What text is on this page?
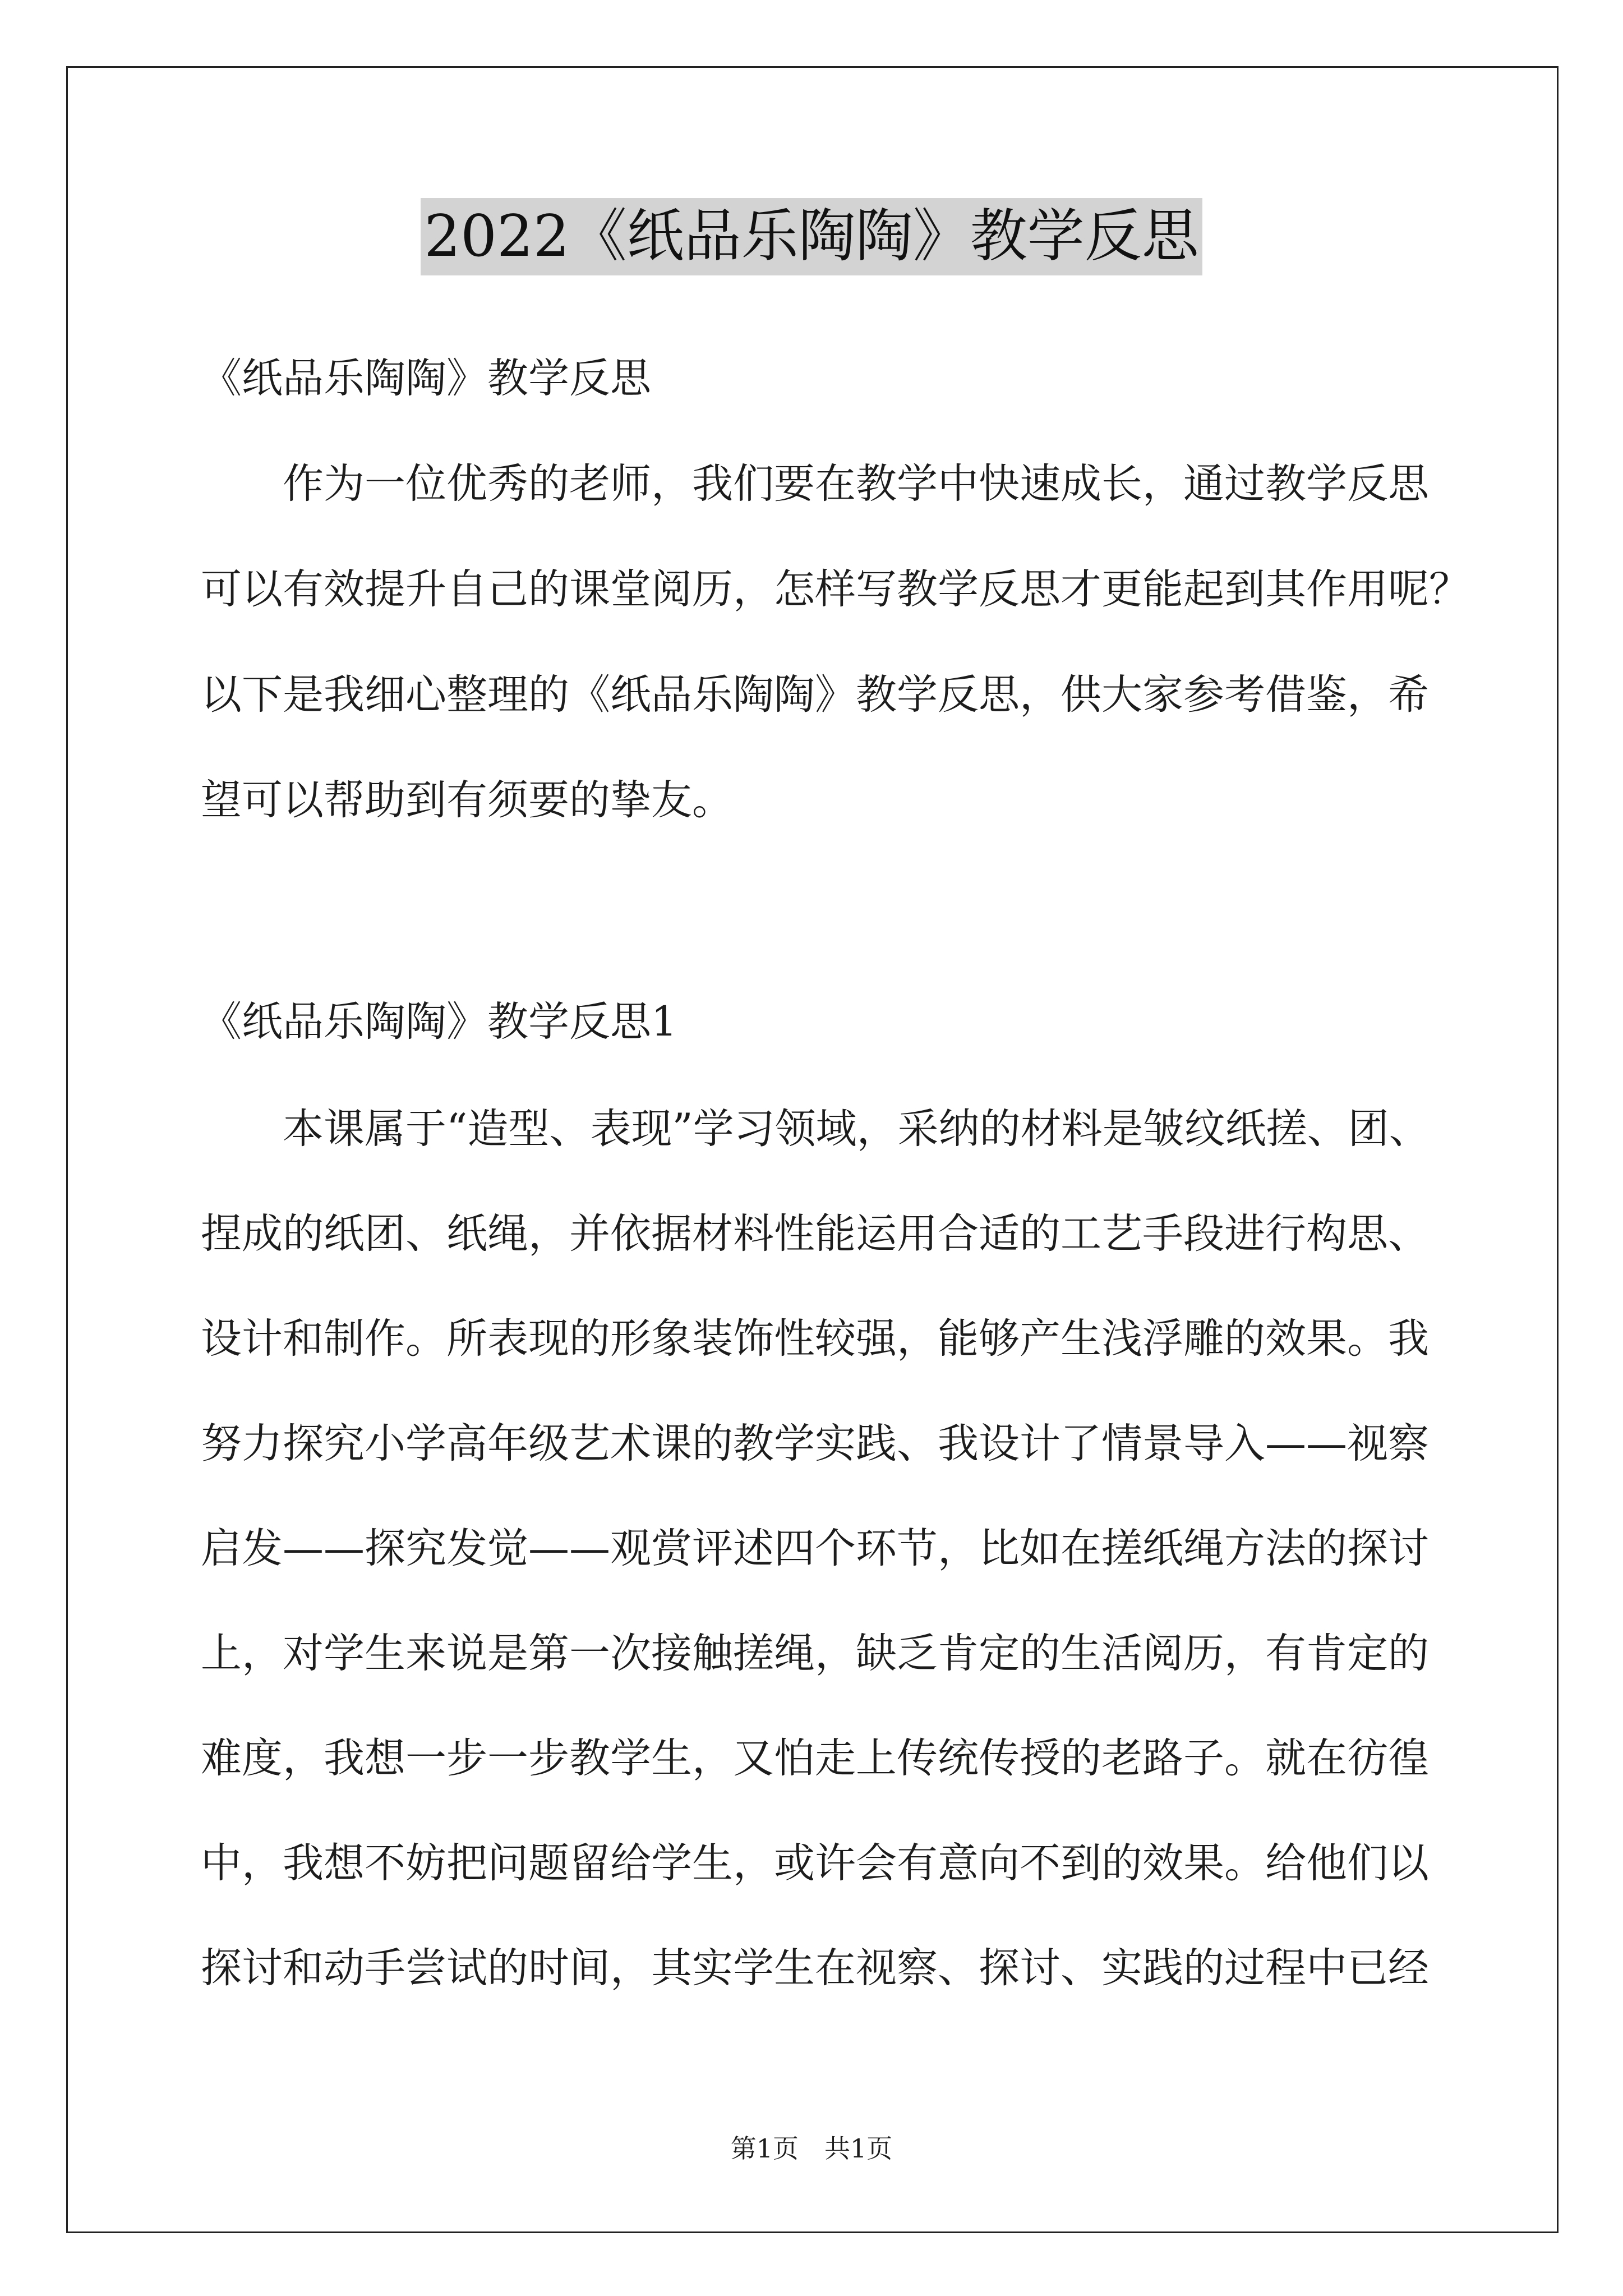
2022《纸品乐陶陶》教学反思
《纸品乐陶陶》教学反思
作为一位优秀的老师，我们要在教学中快速成长，通过教学反思
可以有效提升自己的课堂阅历，怎样写教学反思才更能起到其作用呢？
以下是我细心整理的《纸品乐陶陶》教学反思，供大家参考借鉴，希
望可以帮助到有须要的挚友。
《纸品乐陶陶》教学反思1
本课属于“造型、表现”学习领域，采纳的材料是皱纹纸搓、团、
捏成的纸团、纸绳，并依据材料性能运用合适的工艺手段进行构思、
设计和制作。所表现的形象装饰性较强，能够产生浅浮雕的效果。我
努力探究小学高年级艺术课的教学实践、我设计了情景导入——视察
启发——探究发觉——观赏评述四个环节，比如在搓纸绳方法的探讨
上，对学生来说是第一次接触搓绳，缺乏肯定的生活阅历，有肯定的
难度，我想一步一步教学生，又怕走上传统传授的老路子。就在彷徨
中，我想不妨把问题留给学生，或许会有意向不到的效果。给他们以
探讨和动手尝试的时间，其实学生在视察、探讨、实践的过程中已经
第1页　共1页
